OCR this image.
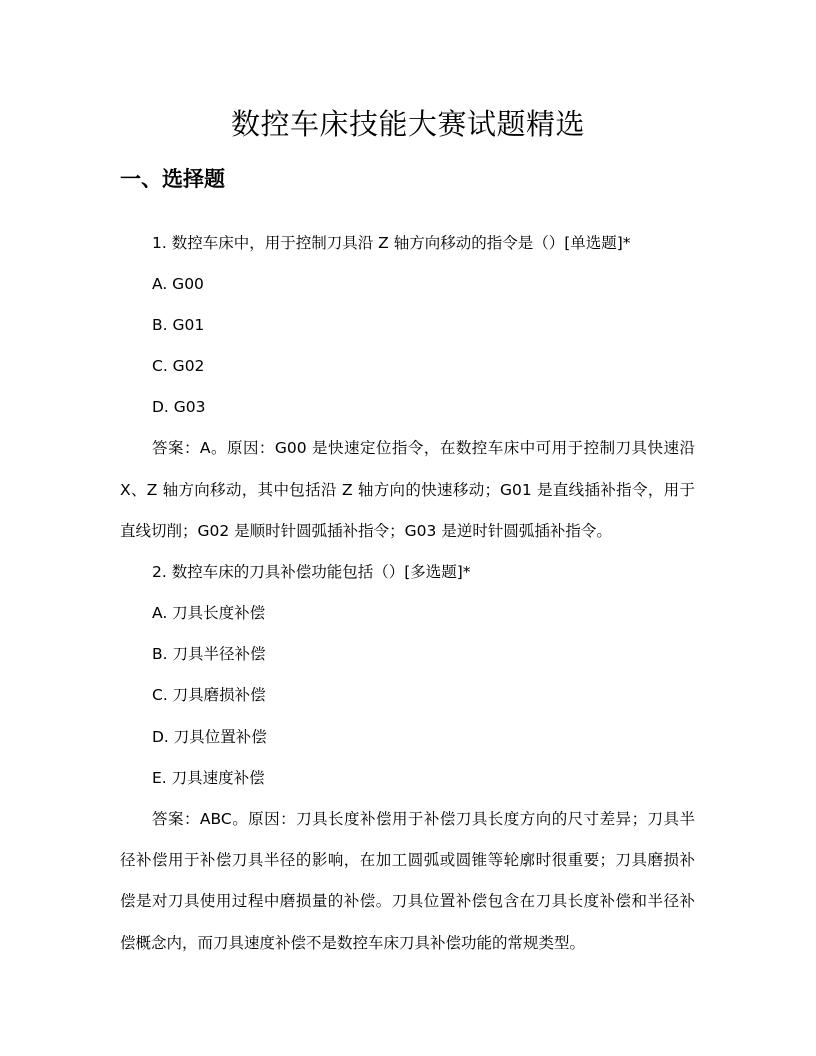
数控车床技能大赛试题精选
一、选择题
1. 数控车床中，用于控制刀具沿 Z 轴方向移动的指令是（）[单选题]*
A. G00
B. G01
C. G02
D. G03
答案：A。原因：G00 是快速定位指令，在数控车床中可用于控制刀具快速沿
X、Z 轴方向移动，其中包括沿 Z 轴方向的快速移动；G01 是直线插补指令，用于
直线切削；G02 是顺时针圆弧插补指令；G03 是逆时针圆弧插补指令。
2. 数控车床的刀具补偿功能包括（）[多选题]*
A. 刀具长度补偿
B. 刀具半径补偿
C. 刀具磨损补偿
D. 刀具位置补偿
E. 刀具速度补偿
答案：ABC。原因：刀具长度补偿用于补偿刀具长度方向的尺寸差异；刀具半
径补偿用于补偿刀具半径的影响，在加工圆弧或圆锥等轮廓时很重要；刀具磨损补
偿是对刀具使用过程中磨损量的补偿。刀具位置补偿包含在刀具长度补偿和半径补
偿概念内，而刀具速度补偿不是数控车床刀具补偿功能的常规类型。
